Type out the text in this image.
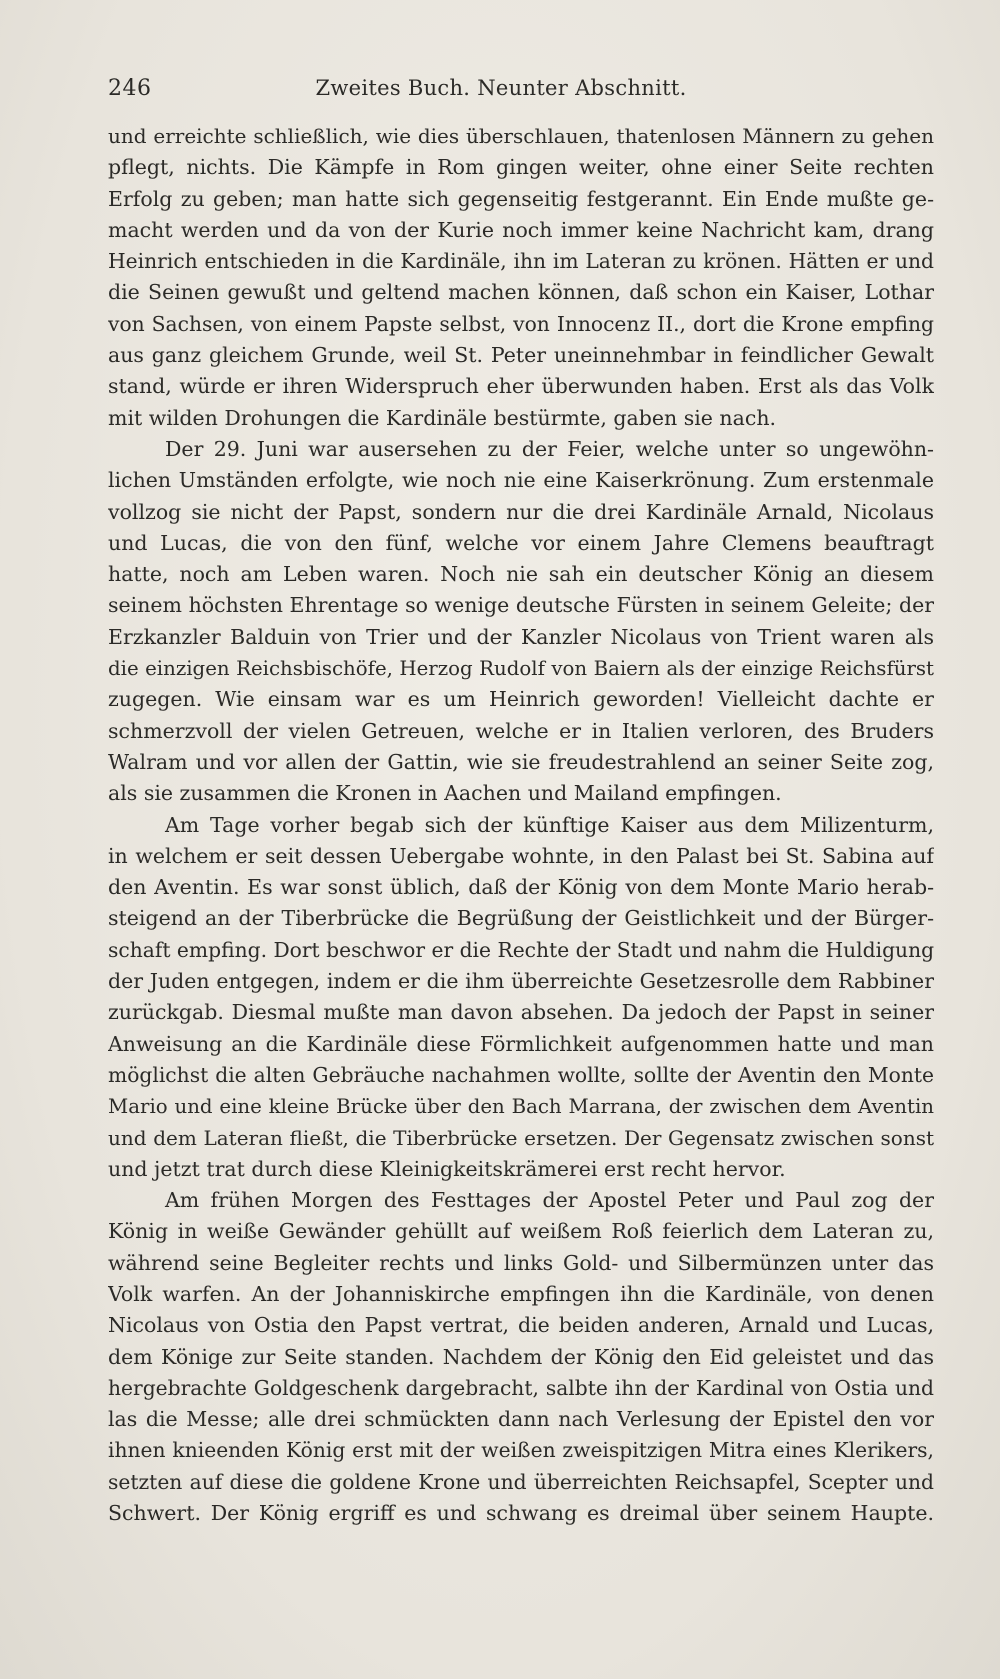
246	Zweites Buch. Neunter Abschnitt.
und erreichte schließlich, wie dies überschlauen, thatenlosen Männern zu gehen
pflegt, nichts. Die Kämpfe in Rom gingen weiter, ohne einer Seite rechten
Erfolg zu geben; man hatte sich gegenseitig festgerannt. Ein Ende mußte ge-
macht werden und da von der Kurie noch immer keine Nachricht kam, drang
Heinrich entschieden in die Kardinäle, ihn im Lateran zu krönen. Hätten er und
die Seinen gewußt und geltend machen können, daß schon ein Kaiser, Lothar
von Sachsen, von einem Papste selbst, von Innocenz II., dort die Krone empfing
aus ganz gleichem Grunde, weil St. Peter uneinnehmbar in feindlicher Gewalt
stand, würde er ihren Widerspruch eher überwunden haben. Erst als das Volk
mit wilden Drohungen die Kardinäle bestürmte, gaben sie nach.
Der 29. Juni war ausersehen zu der Feier, welche unter so ungewöhn-
lichen Umständen erfolgte, wie noch nie eine Kaiserkrönung. Zum erstenmale
vollzog sie nicht der Papst, sondern nur die drei Kardinäle Arnald, Nicolaus
und Lucas, die von den fünf, welche vor einem Jahre Clemens beauftragt
hatte, noch am Leben waren. Noch nie sah ein deutscher König an diesem
seinem höchsten Ehrentage so wenige deutsche Fürsten in seinem Geleite; der
Erzkanzler Balduin von Trier und der Kanzler Nicolaus von Trient waren als
die einzigen Reichsbischöfe, Herzog Rudolf von Baiern als der einzige Reichsfürst
zugegen. Wie einsam war es um Heinrich geworden! Vielleicht dachte er
schmerzvoll der vielen Getreuen, welche er in Italien verloren, des Bruders
Walram und vor allen der Gattin, wie sie freudestrahlend an seiner Seite zog,
als sie zusammen die Kronen in Aachen und Mailand empfingen.
Am Tage vorher begab sich der künftige Kaiser aus dem Milizenturm,
in welchem er seit dessen Uebergabe wohnte, in den Palast bei St. Sabina auf
den Aventin. Es war sonst üblich, daß der König von dem Monte Mario herab-
steigend an der Tiberbrücke die Begrüßung der Geistlichkeit und der Bürger-
schaft empfing. Dort beschwor er die Rechte der Stadt und nahm die Huldigung
der Juden entgegen, indem er die ihm überreichte Gesetzesrolle dem Rabbiner
zurückgab. Diesmal mußte man davon absehen. Da jedoch der Papst in seiner
Anweisung an die Kardinäle diese Förmlichkeit aufgenommen hatte und man
möglichst die alten Gebräuche nachahmen wollte, sollte der Aventin den Monte
Mario und eine kleine Brücke über den Bach Marrana, der zwischen dem Aventin
und dem Lateran fließt, die Tiberbrücke ersetzen. Der Gegensatz zwischen sonst
und jetzt trat durch diese Kleinigkeitskrämerei erst recht hervor.
Am frühen Morgen des Festtages der Apostel Peter und Paul zog der
König in weiße Gewänder gehüllt auf weißem Roß feierlich dem Lateran zu,
während seine Begleiter rechts und links Gold- und Silbermünzen unter das
Volk warfen. An der Johanniskirche empfingen ihn die Kardinäle, von denen
Nicolaus von Ostia den Papst vertrat, die beiden anderen, Arnald und Lucas,
dem Könige zur Seite standen. Nachdem der König den Eid geleistet und das
hergebrachte Goldgeschenk dargebracht, salbte ihn der Kardinal von Ostia und
las die Messe; alle drei schmückten dann nach Verlesung der Epistel den vor
ihnen knieenden König erst mit der weißen zweispitzigen Mitra eines Klerikers,
setzten auf diese die goldene Krone und überreichten Reichsapfel, Scepter und
Schwert. Der König ergriff es und schwang es dreimal über seinem Haupte.
